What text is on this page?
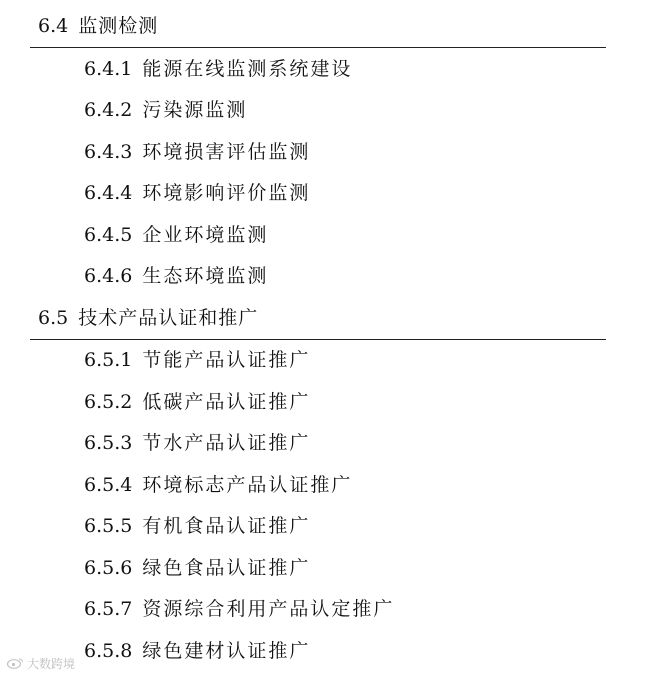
6.4 监测检测
6.4.1 能源在线监测系统建设
6.4.2 污染源监测
6.4.3 环境损害评估监测
6.4.4 环境影响评价监测
6.4.5 企业环境监测
6.4.6 生态环境监测
6.5 技术产品认证和推广
6.5.1 节能产品认证推广
6.5.2 低碳产品认证推广
6.5.3 节水产品认证推广
6.5.4 环境标志产品认证推广
6.5.5 有机食品认证推广
6.5.6 绿色食品认证推广
6.5.7 资源综合利用产品认定推广
6.5.8 绿色建材认证推广
大数跨境
